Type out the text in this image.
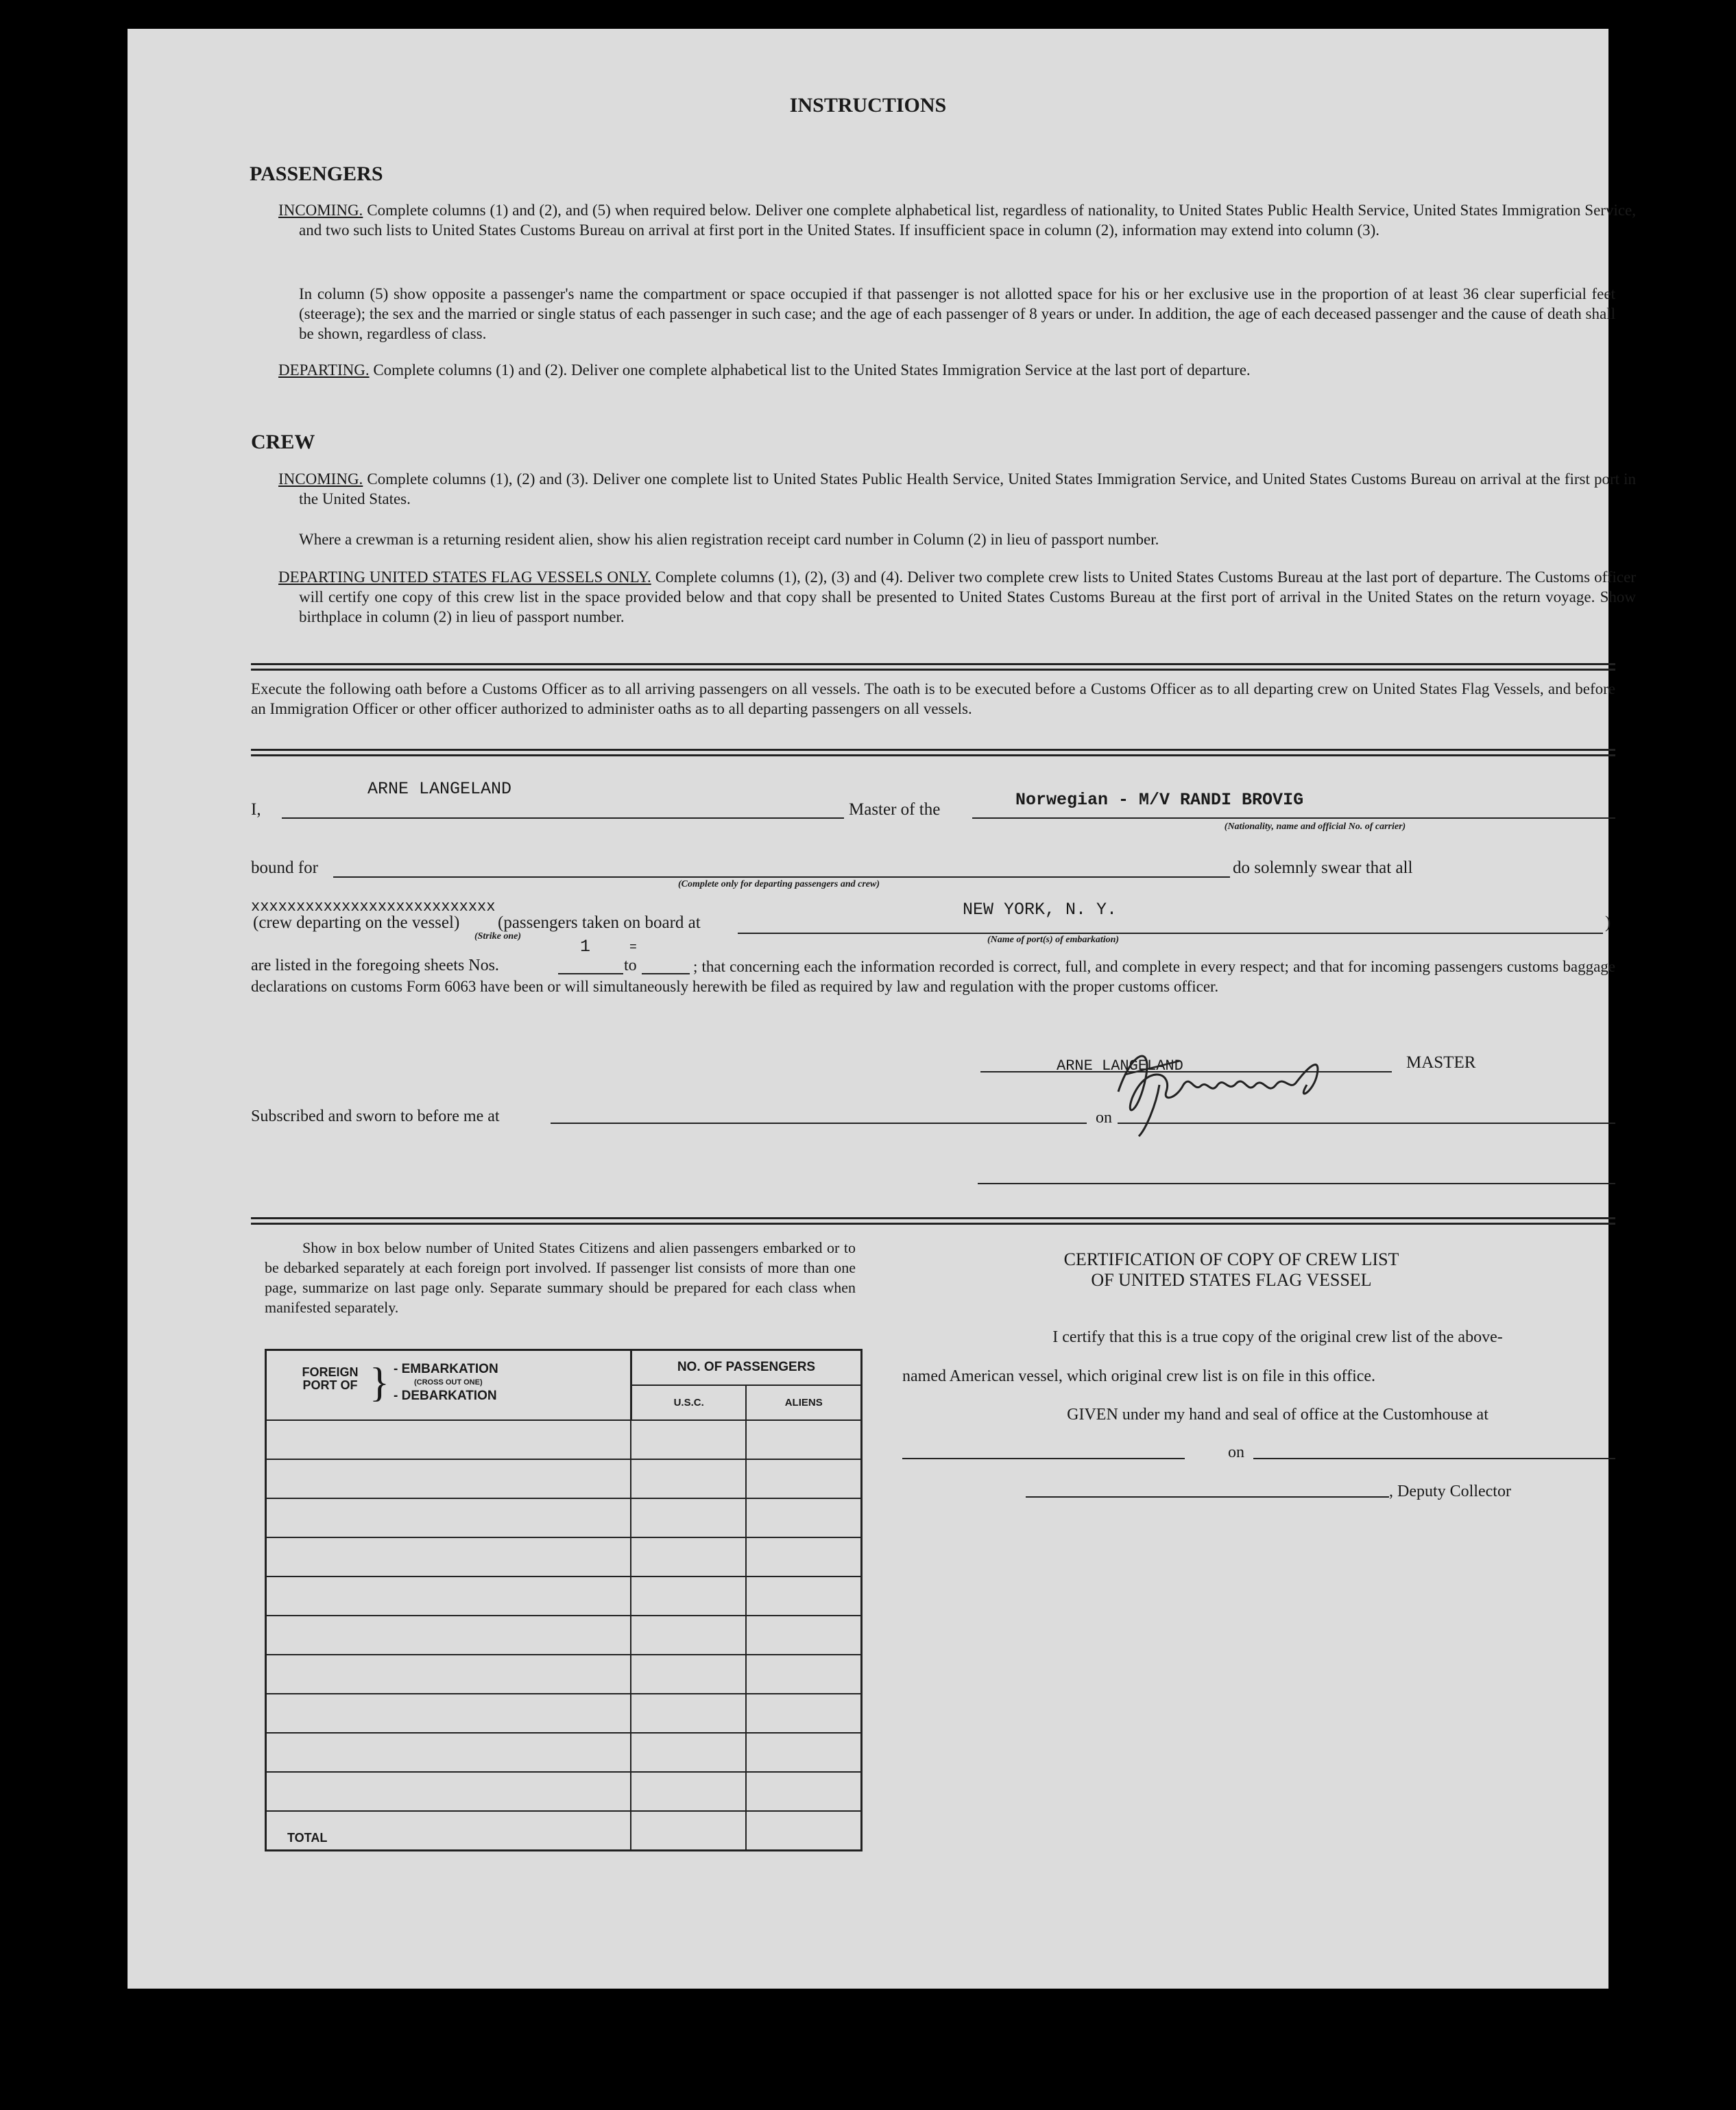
INSTRUCTIONS
PASSENGERS
INCOMING. Complete columns (1) and (2), and (5) when required below. Deliver one complete alphabetical list, regardless of nationality, to United States Public Health Service, United States Immigration Service, and two such lists to United States Customs Bureau on arrival at first port in the United States. If insufficient space in column (2), information may extend into column (3).
In column (5) show opposite a passenger's name the compartment or space occupied if that passenger is not allotted space for his or her exclusive use in the proportion of at least 36 clear superficial feet (steerage); the sex and the married or single status of each passenger in such case; and the age of each passenger of 8 years or under. In addition, the age of each deceased passenger and the cause of death shall be shown, regardless of class.
DEPARTING. Complete columns (1) and (2). Deliver one complete alphabetical list to the United States Immigration Service at the last port of departure.
CREW
INCOMING. Complete columns (1), (2) and (3). Deliver one complete list to United States Public Health Service, United States Immigration Service, and United States Customs Bureau on arrival at the first port in the United States.
Where a crewman is a returning resident alien, show his alien registration receipt card number in Column (2) in lieu of passport number.
DEPARTING UNITED STATES FLAG VESSELS ONLY. Complete columns (1), (2), (3) and (4). Deliver two complete crew lists to United States Customs Bureau at the last port of departure. The Customs officer will certify one copy of this crew list in the space provided below and that copy shall be presented to United States Customs Bureau at the first port of arrival in the United States on the return voyage. Show birthplace in column (2) in lieu of passport number.
Execute the following oath before a Customs Officer as to all arriving passengers on all vessels. The oath is to be executed before a Customs Officer as to all departing crew on United States Flag Vessels, and before an Immigration Officer or other officer authorized to administer oaths as to all departing passengers on all vessels.
I,
ARNE LANGELAND
Master of the	Norwegian - M/V RANDI BROVIG
(Nationality, name and official No. of carrier)
bound for
(Complete only for departing passengers and crew)
do solemnly swear that all
xxxxxxxxxxxxxxxxxxxxxxxxxxx
(crew departing on the vessel) (passengers taken on board at
NEW YORK, N. Y.
)
(Strike one)	(Name of port(s) of embarkation)
1	=
are listed in the foregoing sheets Nos.	to	; that concerning each the information recorded is correct, full, and complete in every respect; and that for incoming passengers customs baggage declarations on customs Form 6063 have been or will simultaneously herewith be filed as required by law and regulation with the proper customs officer.
ARNE LANGELAND	MASTER
Subscribed and sworn to before me at	on
Show in box below number of United States Citizens and alien passengers embarked or to be debarked separately at each foreign port involved. If passenger list consists of more than one page, summarize on last page only. Separate summary should be prepared for each class when manifested separately.
FOREIGN PORT OF } - EMBARKATION
(CROSS OUT ONE)
- DEBARKATION	NO. OF PASSENGERS	
	U.S.C.	ALIENS

TOTAL		
CERTIFICATION OF COPY OF CREW LIST
OF UNITED STATES FLAG VESSEL
I certify that this is a true copy of the original crew list of the above-
named American vessel, which original crew list is on file in this office.
GIVEN under my hand and seal of office at the Customhouse at
on
, Deputy Collector
